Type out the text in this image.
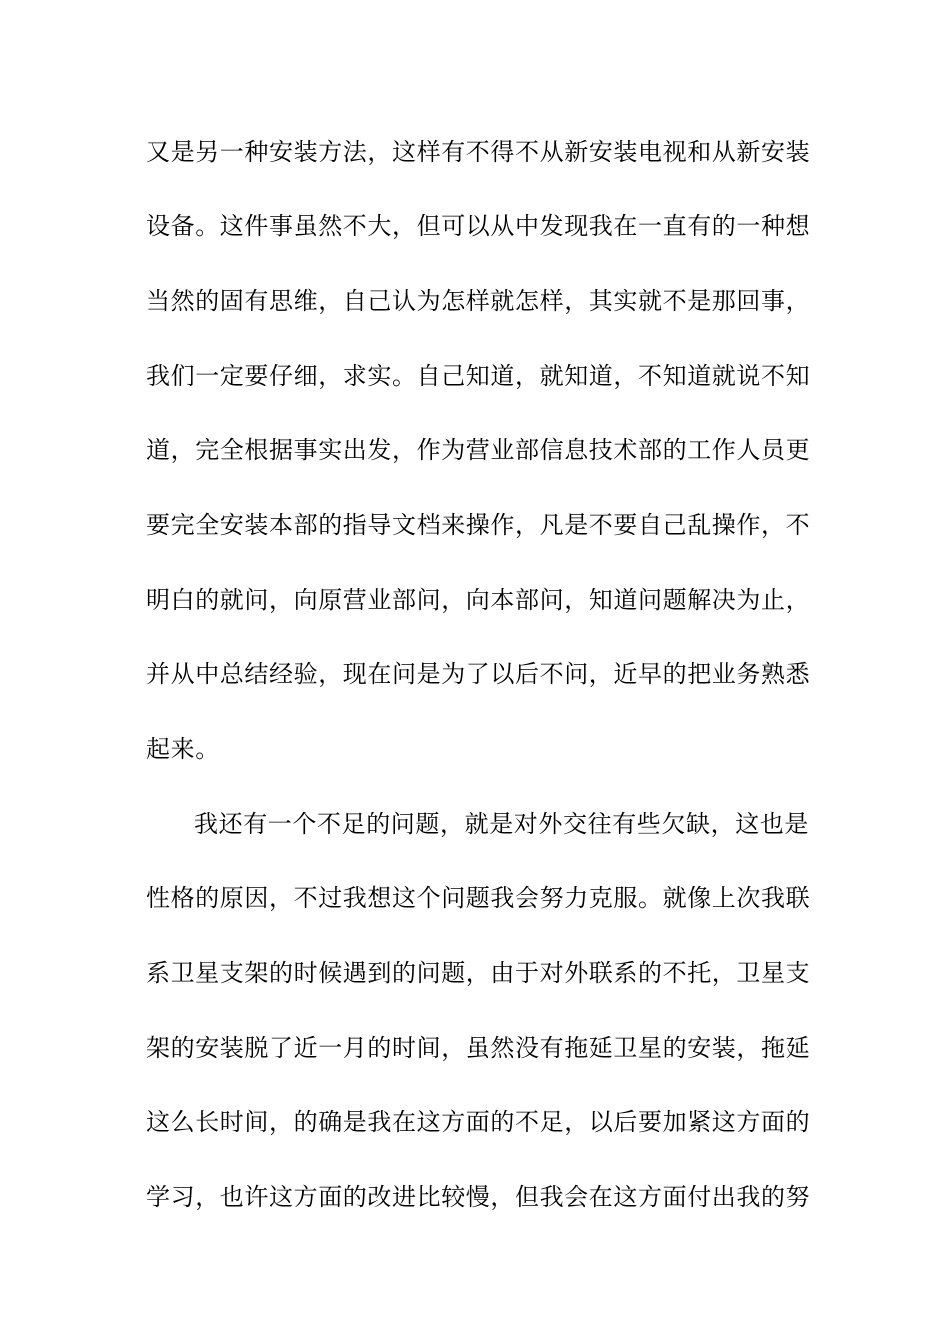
又是另一种安装方法，这样有不得不从新安装电视和从新安装
设备。这件事虽然不大，但可以从中发现我在一直有的一种想
当然的固有思维，自己认为怎样就怎样，其实就不是那回事，
我们一定要仔细，求实。自己知道，就知道，不知道就说不知
道，完全根据事实出发，作为营业部信息技术部的工作人员更
要完全安装本部的指导文档来操作，凡是不要自己乱操作，不
明白的就问，向原营业部问，向本部问，知道问题解决为止，
并从中总结经验，现在问是为了以后不问，近早的把业务熟悉
起来。
我还有一个不足的问题，就是对外交往有些欠缺，这也是
性格的原因，不过我想这个问题我会努力克服。就像上次我联
系卫星支架的时候遇到的问题，由于对外联系的不托，卫星支
架的安装脱了近一月的时间，虽然没有拖延卫星的安装，拖延
这么长时间，的确是我在这方面的不足，以后要加紧这方面的
学习，也许这方面的改进比较慢，但我会在这方面付出我的努
